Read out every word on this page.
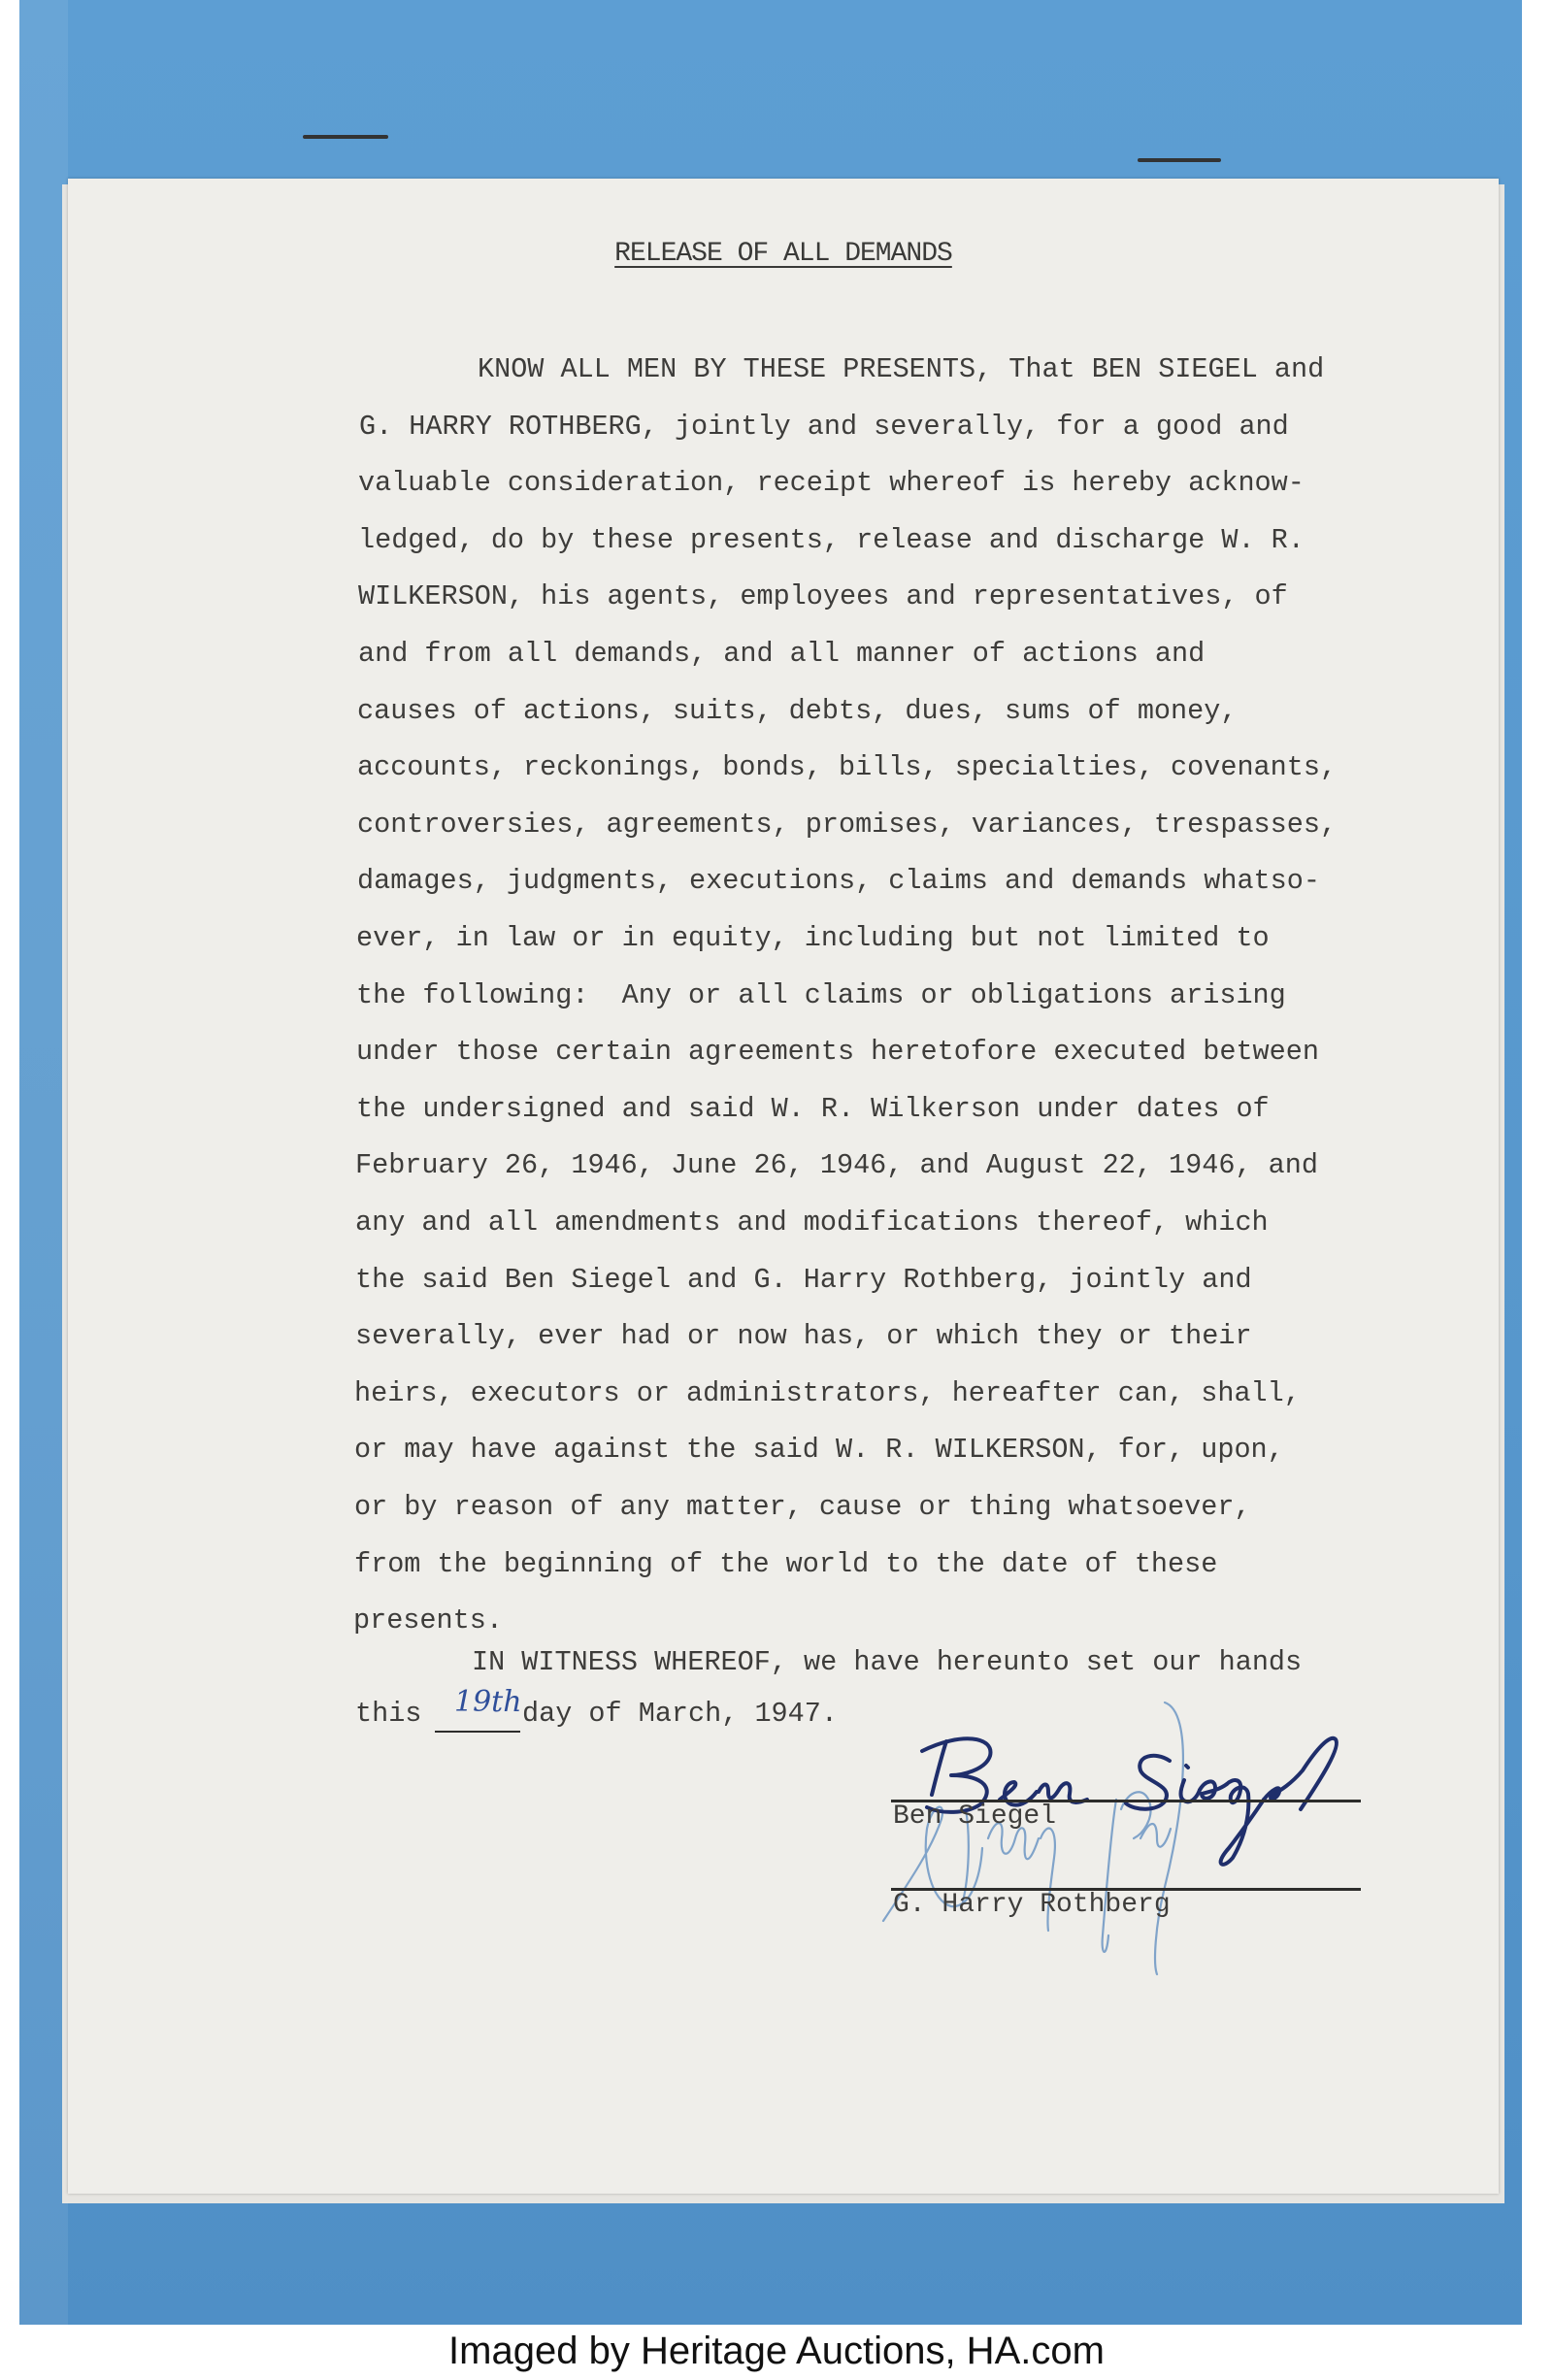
RELEASE OF ALL DEMANDS
KNOW ALL MEN BY THESE PRESENTS, That BEN SIEGEL and
G. HARRY ROTHBERG, jointly and severally, for a good and
valuable consideration, receipt whereof is hereby acknow-
ledged, do by these presents, release and discharge W. R.
WILKERSON, his agents, employees and representatives, of
and from all demands, and all manner of actions and
causes of actions, suits, debts, dues, sums of money,
accounts, reckonings, bonds, bills, specialties, covenants,
controversies, agreements, promises, variances, trespasses,
damages, judgments, executions, claims and demands whatso-
ever, in law or in equity, including but not limited to
the following:  Any or all claims or obligations arising
under those certain agreements heretofore executed between
the undersigned and said W. R. Wilkerson under dates of
February 26, 1946, June 26, 1946, and August 22, 1946, and
any and all amendments and modifications thereof, which
the said Ben Siegel and G. Harry Rothberg, jointly and
severally, ever had or now has, or which they or their
heirs, executors or administrators, hereafter can, shall,
or may have against the said W. R. WILKERSON, for, upon,
or by reason of any matter, cause or thing whatsoever,
from the beginning of the world to the date of these
presents.
IN WITNESS WHEREOF, we have hereunto set our hands
this 19th day of March, 1947.
Ben Siegel
G. Harry Rothberg
Imaged by Heritage Auctions, HA.com
